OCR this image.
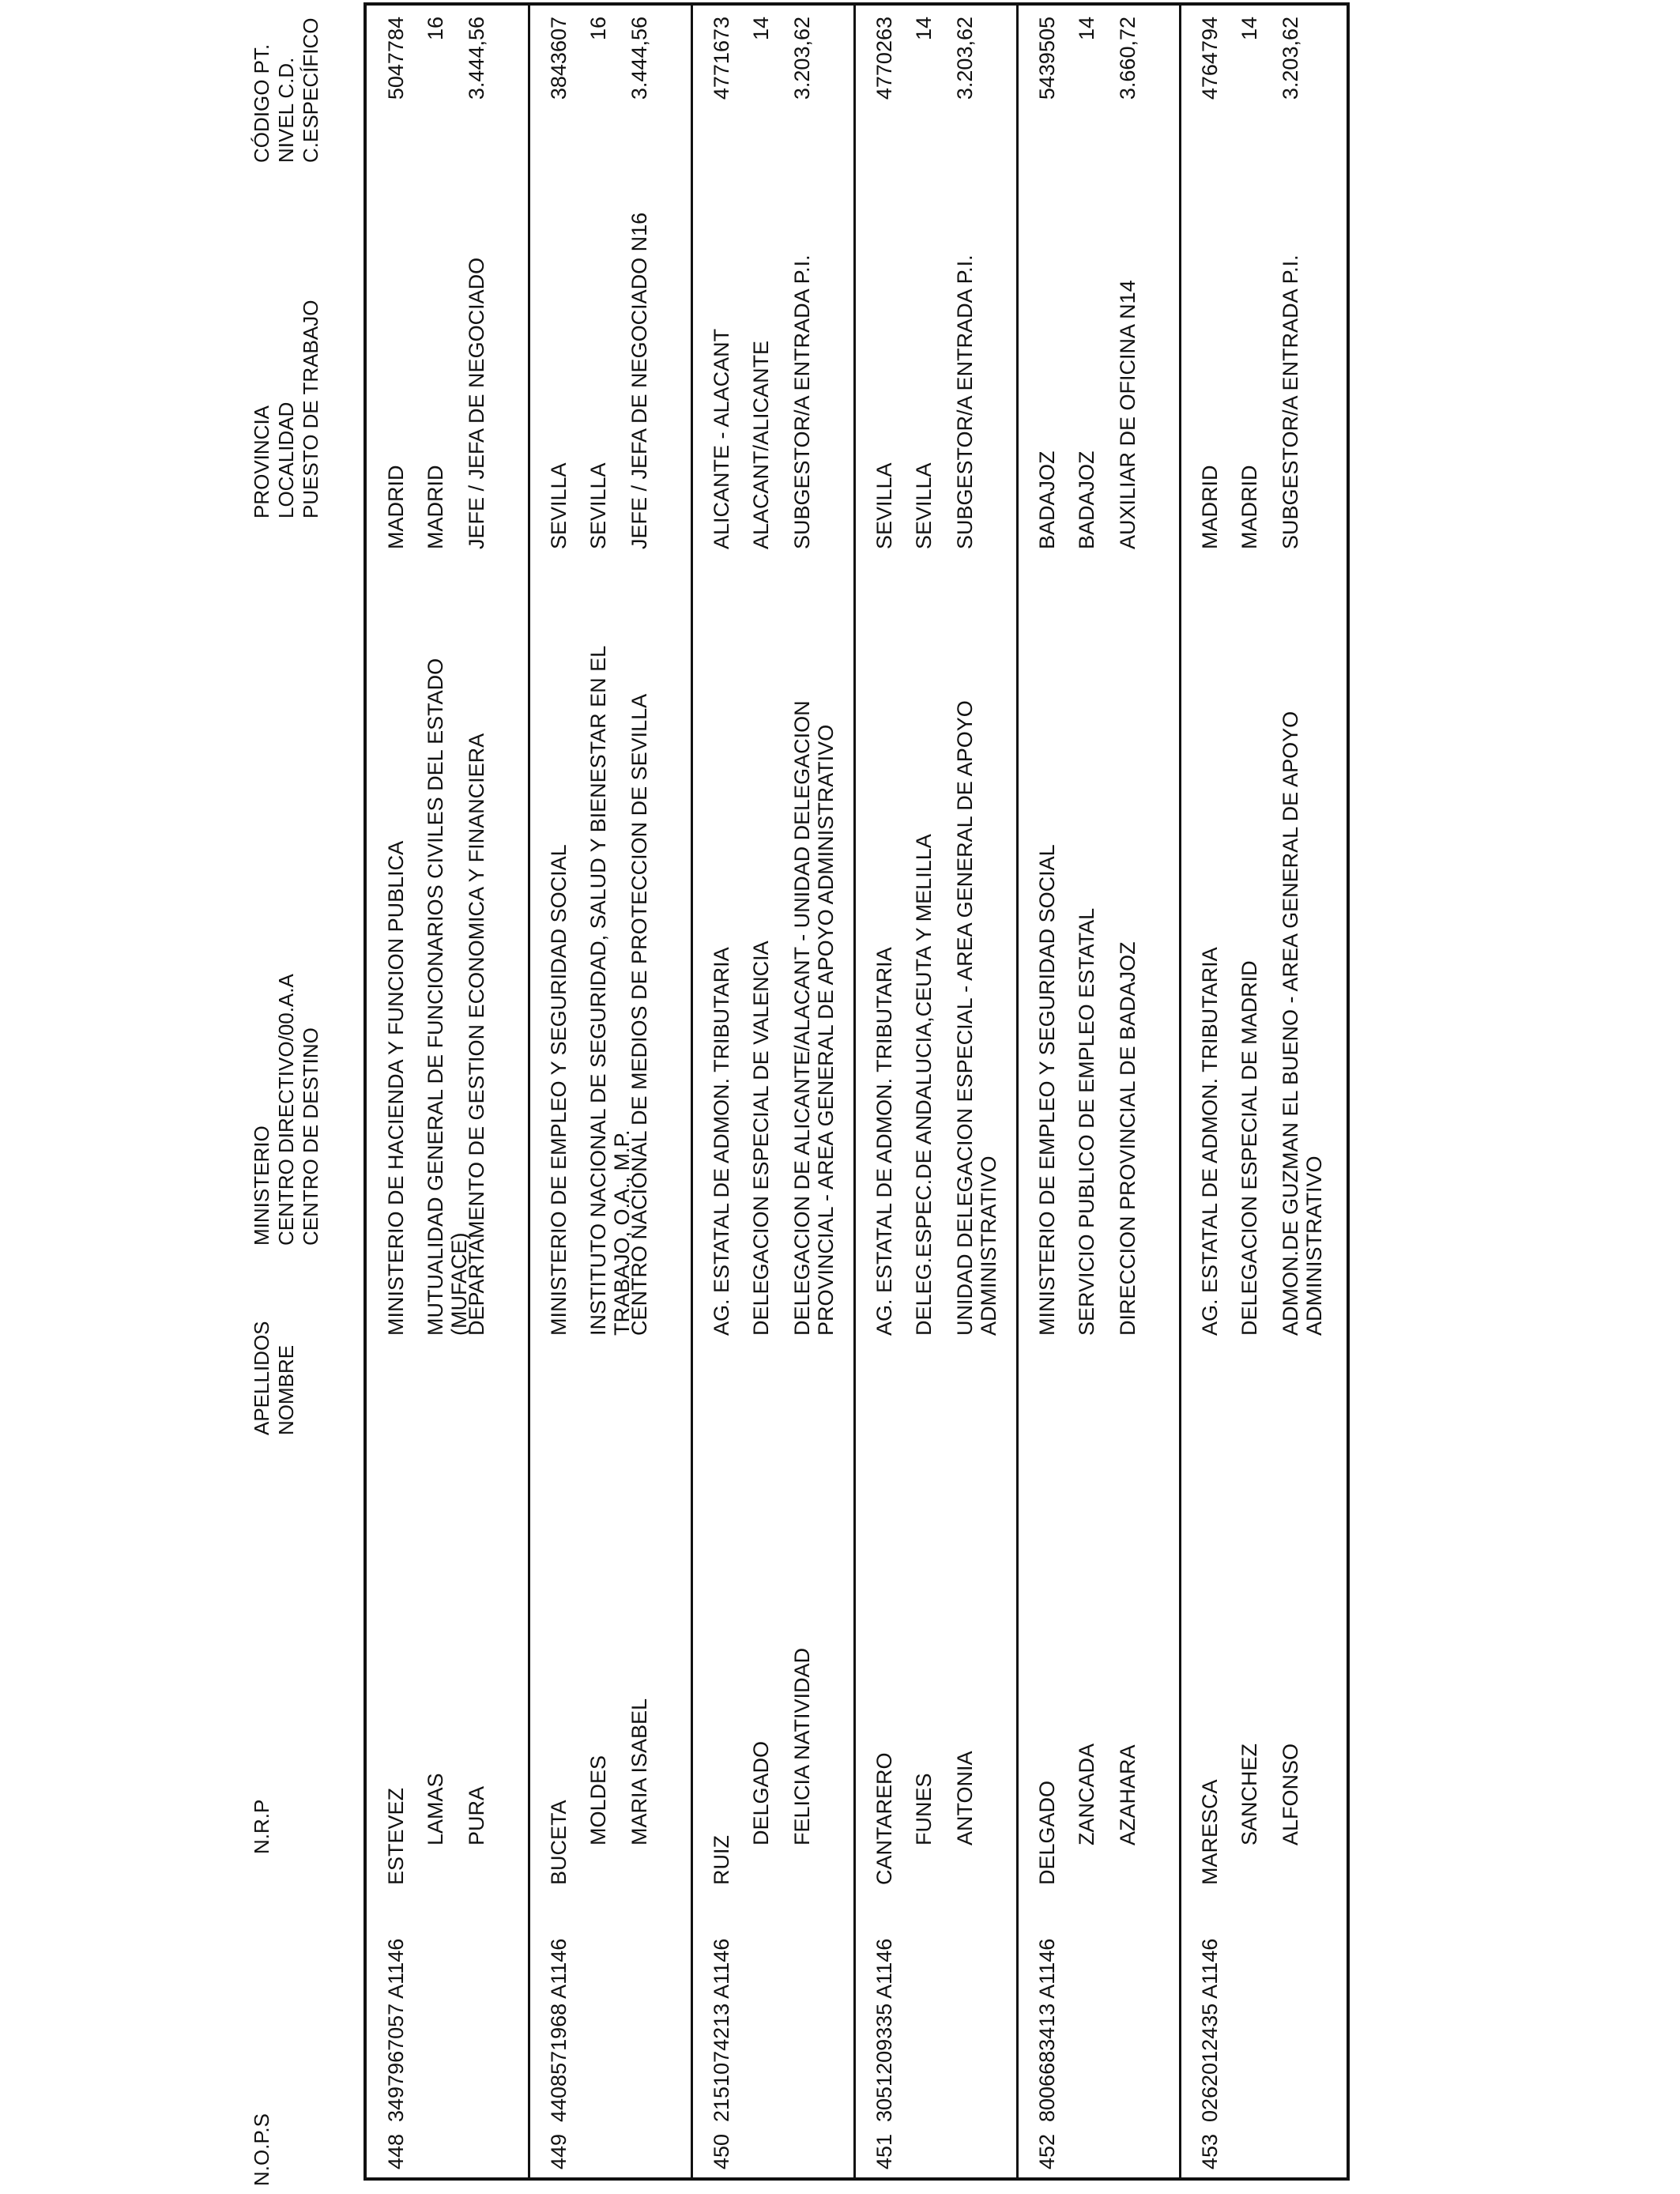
N.O.P.S
N.R.P
APELLIDOS NOMBRE
MINISTERIO CENTRO DIRECTIVO/00.A.A CENTRO DE DESTINO
PROVINCIA LOCALIDAD PUESTO DE TRABAJO
CÓDIGO PT. NIVEL C.D. C.ESPECÍFICO
448
3497967057 A1146
ESTEVEZ LAMAS PURA
MINISTERIO DE HACIENDA Y FUNCION PUBLICA MUTUALIDAD GENERAL DE FUNCIONARIOS CIVILES DEL ESTADO (MUFACE)
DEPARTAMENTO DE GESTION ECONOMICA Y FINANCIERA
MADRID MADRID JEFE / JEFA DE NEGOCIADO
5047784 16 3.444,56
449
4408571968 A1146
BUCETA MOLDES MARIA ISABEL
MINISTERIO DE EMPLEO Y SEGURIDAD SOCIAL INSTITUTO NACIONAL DE SEGURIDAD, SALUD Y BIENESTAR EN EL TRABAJO, O.A., M.P.
CENTRO NACIONAL DE MEDIOS DE PROTECCION DE SEVILLA
SEVILLA SEVILLA JEFE / JEFA DE NEGOCIADO N16
3843607 16 3.444,56
450
2151074213 A1146
RUIZ
DELGADO FELICIA NATIVIDAD
AG. ESTATAL DE ADMON. TRIBUTARIA DELEGACION ESPECIAL DE VALENCIA DELEGACION DE ALICANTE/ALACANT - UNIDAD DELEGACION PROVINCIAL - AREA GENERAL DE APOYO ADMINISTRATIVO
ALICANTE - ALACANT ALACANT/ALICANTE SUBGESTOR/A ENTRADA P.I.
4771673 14 3.203,62
451
3051209335 A1146
CANTARERO FUNES ANTONIA
AG. ESTATAL DE ADMON. TRIBUTARIA DELEG.ESPEC.DE ANDALUCIA,CEUTA Y MELILLA UNIDAD DELEGACION ESPECIAL - AREA GENERAL DE APOYO ADMINISTRATIVO
SEVILLA SEVILLA SUBGESTOR/A ENTRADA P.I.
4770263 14 3.203,62
452
8006683413 A1146
DELGADO ZANCADA AZAHARA
MINISTERIO DE EMPLEO Y SEGURIDAD SOCIAL SERVICIO PUBLICO DE EMPLEO ESTATAL DIRECCION PROVINCIAL DE BADAJOZ
BADAJOZ BADAJOZ AUXILIAR DE OFICINA N14
5439505 14 3.660,72
453
0262012435 A1146
MARESCA SANCHEZ ALFONSO
AG. ESTATAL DE ADMON. TRIBUTARIA DELEGACION ESPECIAL DE MADRID ADMON.DE GUZMAN EL BUENO - AREA GENERAL DE APOYO ADMINISTRATIVO
MADRID MADRID SUBGESTOR/A ENTRADA P.I.
4764794 14 3.203,62
